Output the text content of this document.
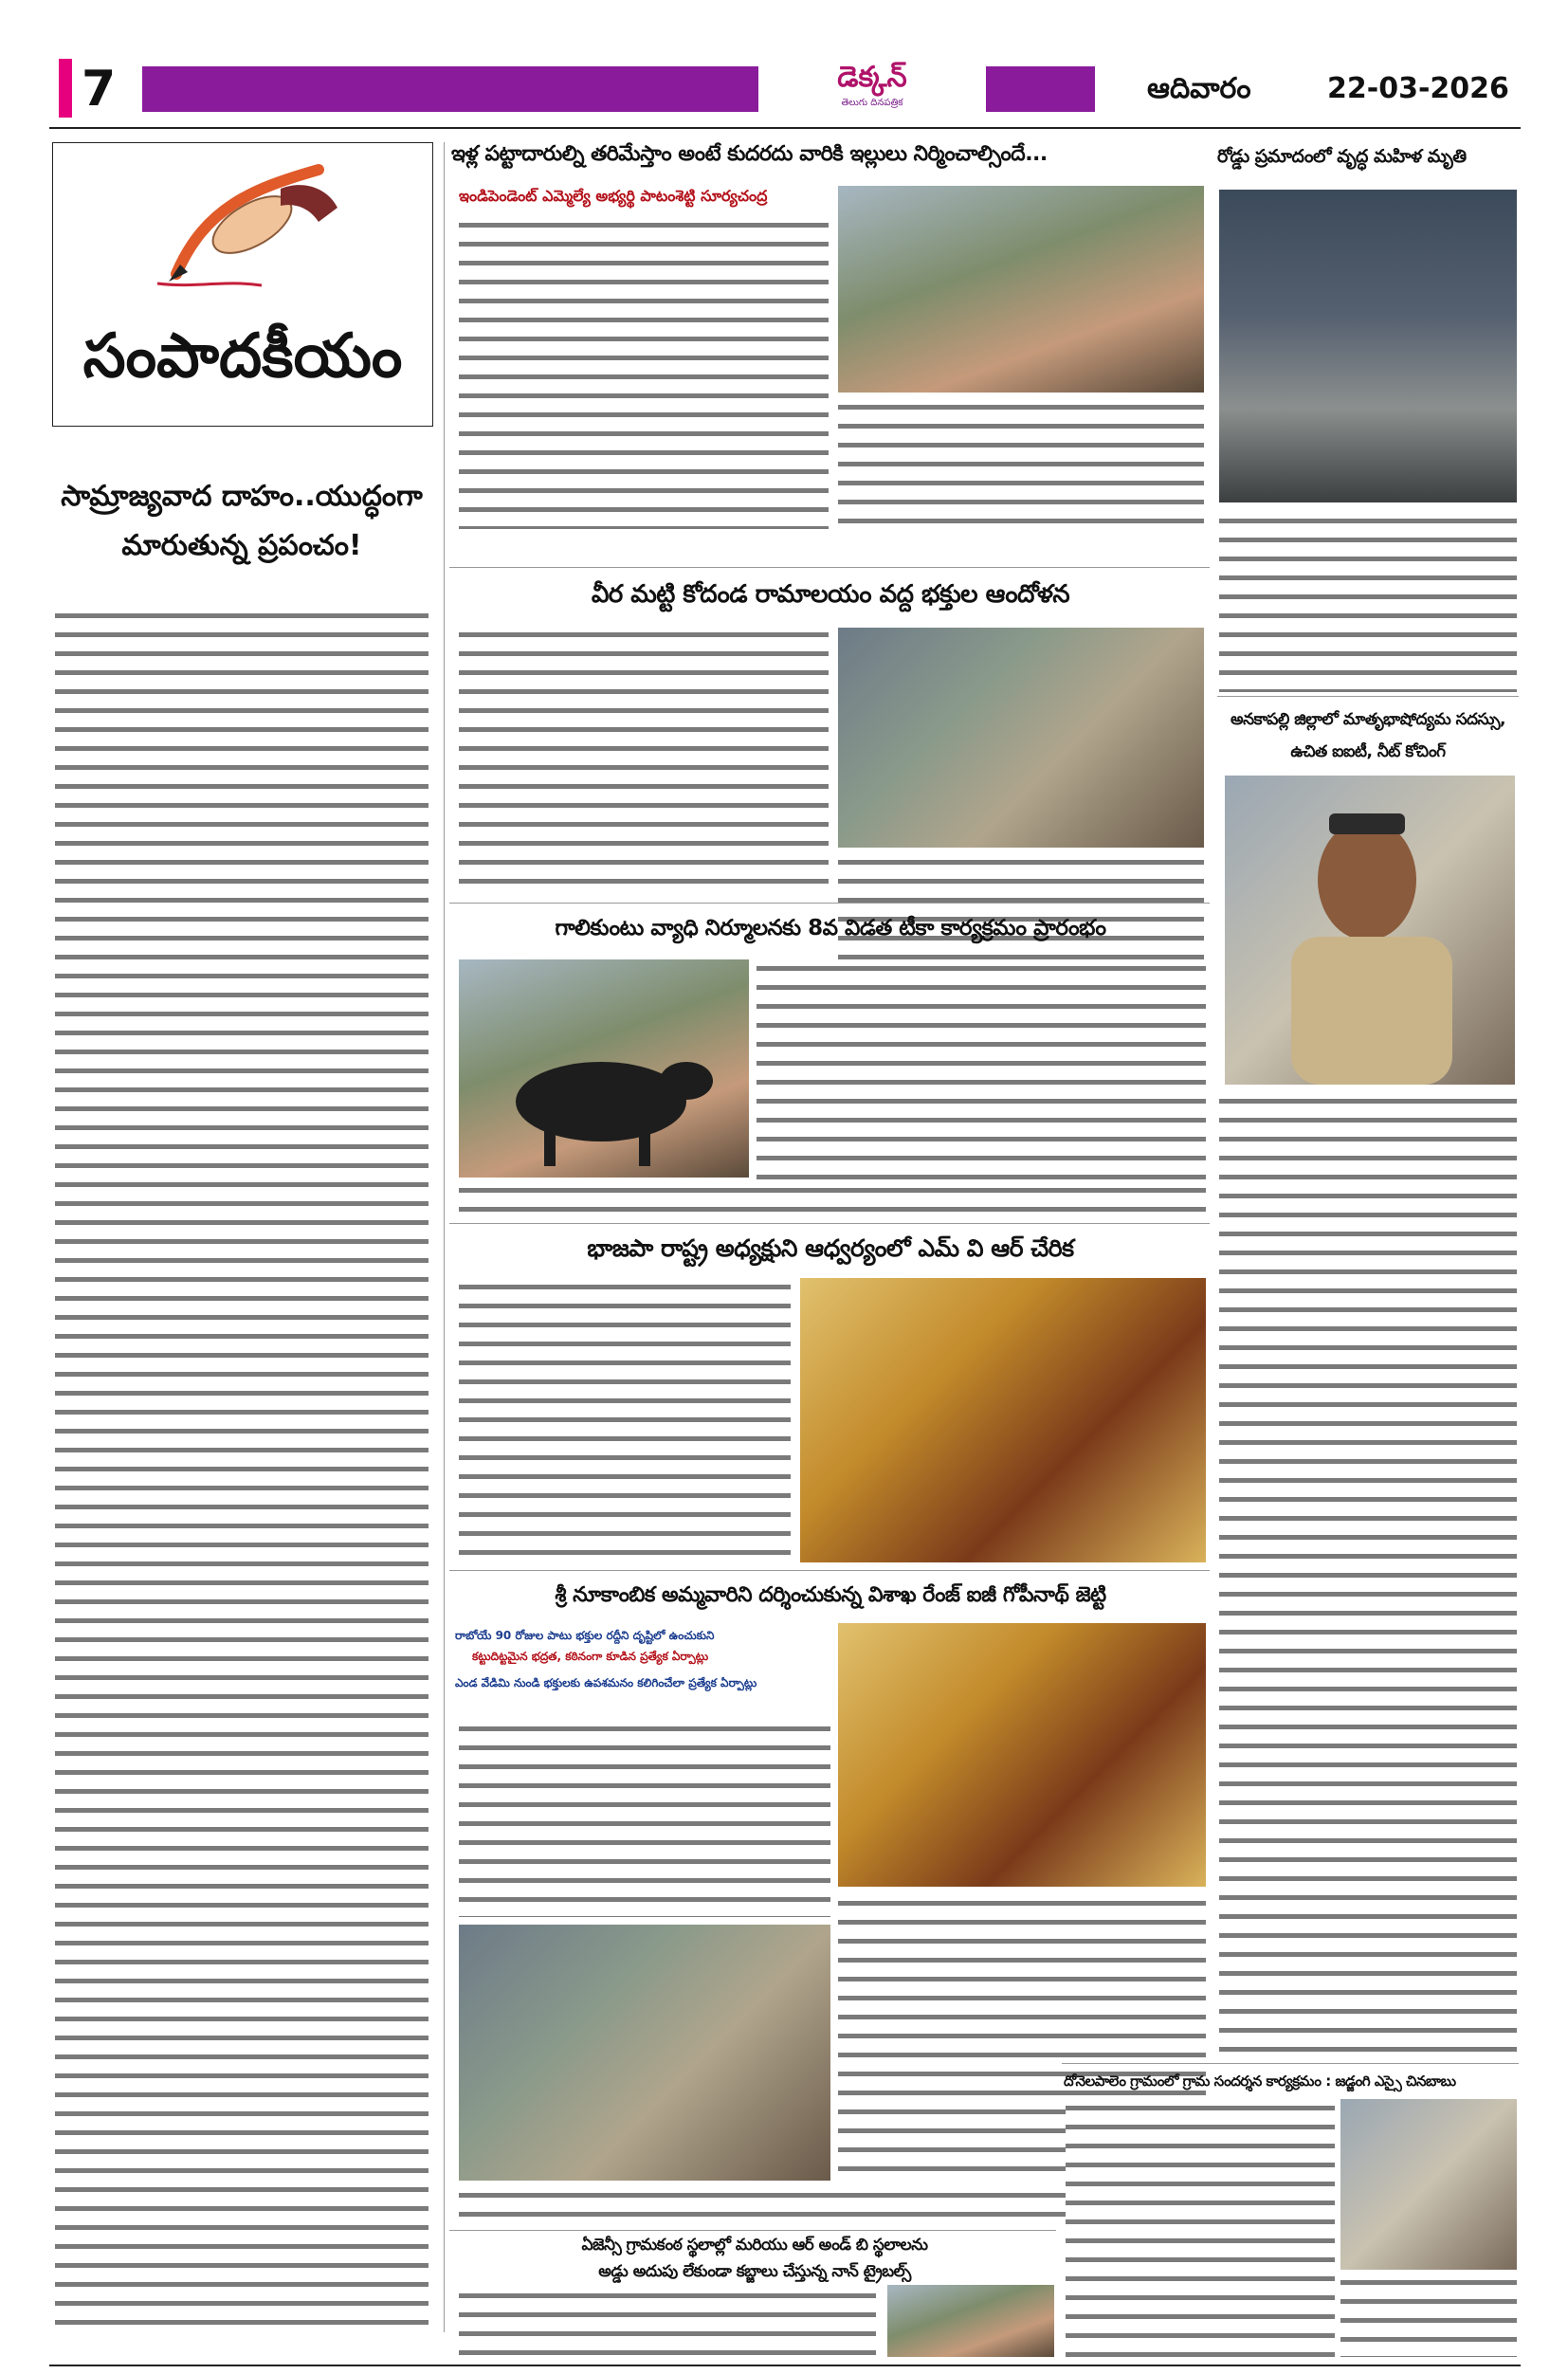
7	డెక్కన్
తెలుగు దినపత్రిక	ఆదివారం	22-03-2026
సంపాదకీయం
సామ్రాజ్యవాద దాహం..యుద్ధంగా
మారుతున్న ప్రపంచం!
ఇళ్ల పట్టాదారుల్ని తరిమేస్తాం అంటే కుదరదు వారికి ఇల్లులు నిర్మించాల్సిందే...
ఇండిపెండెంట్ ఎమ్మెల్యే అభ్యర్థి పాటంశెట్టి సూర్యచంద్ర
రోడ్డు ప్రమాదంలో వృద్ధ మహిళ మృతి
అనకాపల్లి జిల్లాలో మాతృభాషోద్యమ సదస్సు,
ఉచిత ఐఐటీ, నీట్ కోచింగ్
వీర మట్టి కోదండ రామాలయం వద్ద భక్తుల ఆందోళన
గాలికుంటు వ్యాధి నిర్మూలనకు 8వ విడత టీకా కార్యక్రమం ప్రారంభం
భాజపా రాష్ట్ర అధ్యక్షుని ఆధ్వర్యంలో ఎమ్ వి ఆర్ చేరిక
శ్రీ నూకాంబిక అమ్మవారిని దర్శించుకున్న విశాఖ రేంజ్ ఐజీ గోపీనాథ్ జెట్టి
రాబోయే 90 రోజుల పాటు భక్తుల రద్దీని దృష్టిలో ఉంచుకుని
కట్టుదిట్టమైన భద్రత, కఠినంగా కూడిన ప్రత్యేక ఏర్పాట్లు
ఎండ వేడిమి నుండి భక్తులకు ఉపశమనం కలిగించేలా ప్రత్యేక ఏర్పాట్లు
ఏజెన్సీ గ్రామకంఠ స్థలాల్లో మరియు ఆర్ అండ్ బి స్థలాలను
అడ్డు అదుపు లేకుండా కబ్జాలు చేస్తున్న నాన్ ట్రైబల్స్
దోనెలపాలెం గ్రామంలో గ్రామ సందర్శన కార్యక్రమం : జడ్జంగి ఎస్సై చినబాబు
